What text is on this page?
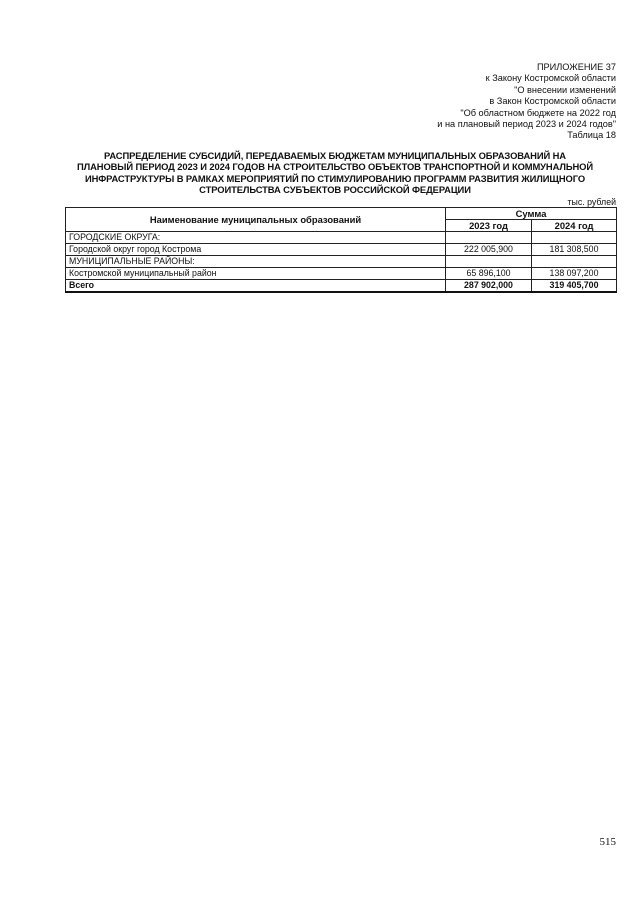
ПРИЛОЖЕНИЕ 37
к Закону Костромской области
"О внесении изменений
в Закон Костромской области
"Об областном бюджете на 2022 год
и на плановый период 2023 и 2024 годов"
Таблица 18
РАСПРЕДЕЛЕНИЕ СУБСИДИЙ, ПЕРЕДАВАЕМЫХ БЮДЖЕТАМ МУНИЦИПАЛЬНЫХ ОБРАЗОВАНИЙ НА
ПЛАНОВЫЙ ПЕРИОД 2023 И 2024 ГОДОВ НА СТРОИТЕЛЬСТВО ОБЪЕКТОВ ТРАНСПОРТНОЙ И КОММУНАЛЬНОЙ
ИНФРАСТРУКТУРЫ В РАМКАХ МЕРОПРИЯТИЙ ПО СТИМУЛИРОВАНИЮ ПРОГРАММ РАЗВИТИЯ ЖИЛИЩНОГО
СТРОИТЕЛЬСТВА СУБЪЕКТОВ РОССИЙСКОЙ ФЕДЕРАЦИИ
тыс. рублей
Наименование муниципальных образований	Сумма	
	2023 год	2024 год
ГОРОДСКИЕ ОКРУГА:		
Городской округ город Кострома	222 005,900	181 308,500
МУНИЦИПАЛЬНЫЕ РАЙОНЫ:		
Костромской муниципальный район	65 896,100	138 097,200
Всего	287 902,000	319 405,700
515
